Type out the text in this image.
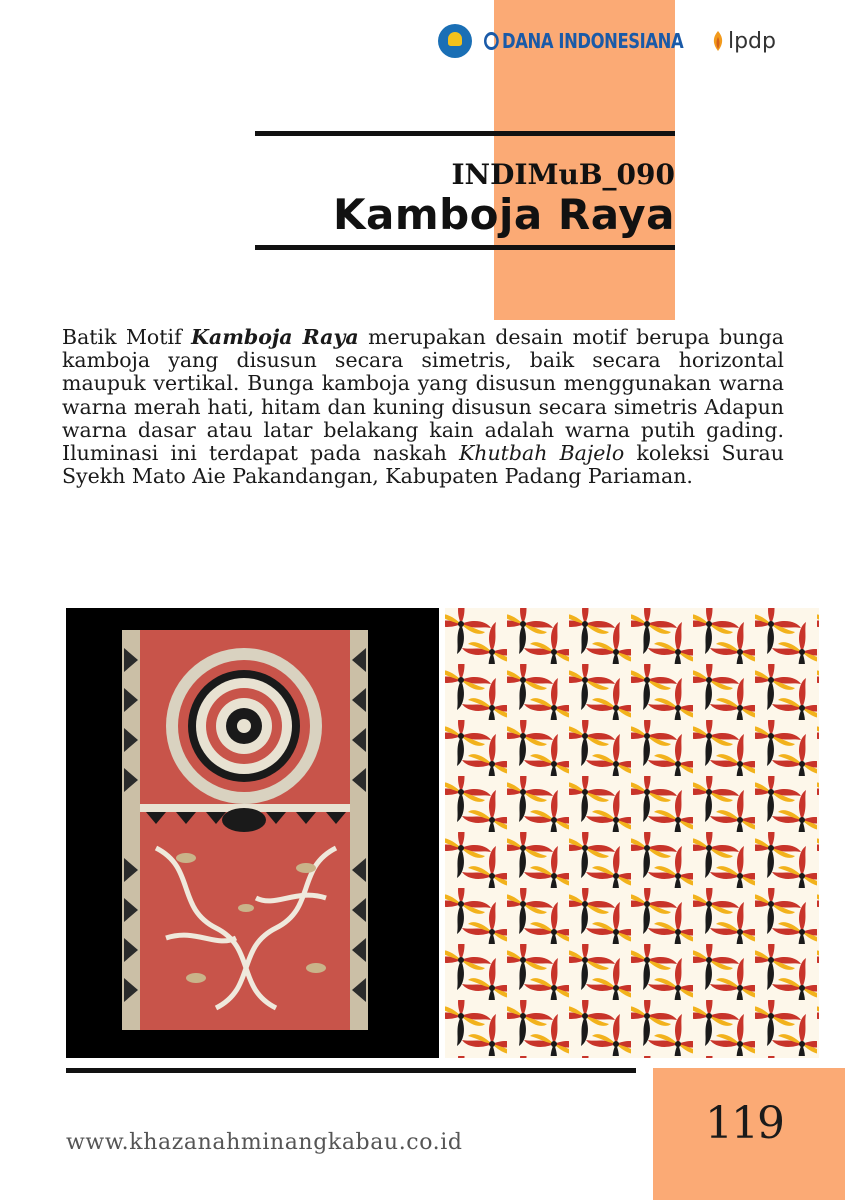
DANA INDONESIANA lpdp
INDIMuB_090
Kamboja Raya

Batik Motif Kamboja Raya merupakan desain motif berupa bunga kamboja yang disusun secara simetris, baik secara horizontal maupuk vertikal. Bunga kamboja yang disusun menggunakan warna warna merah hati, hitam dan kuning disusun secara simetris Adapun warna dasar atau latar belakang kain adalah warna putih gading. Iluminasi ini terdapat pada naskah Khutbah Bajelo koleksi Surau Syekh Mato Aie Pakandangan, Kabupaten Padang Pariaman.

www.khazanahminangkabau.co.id	119
